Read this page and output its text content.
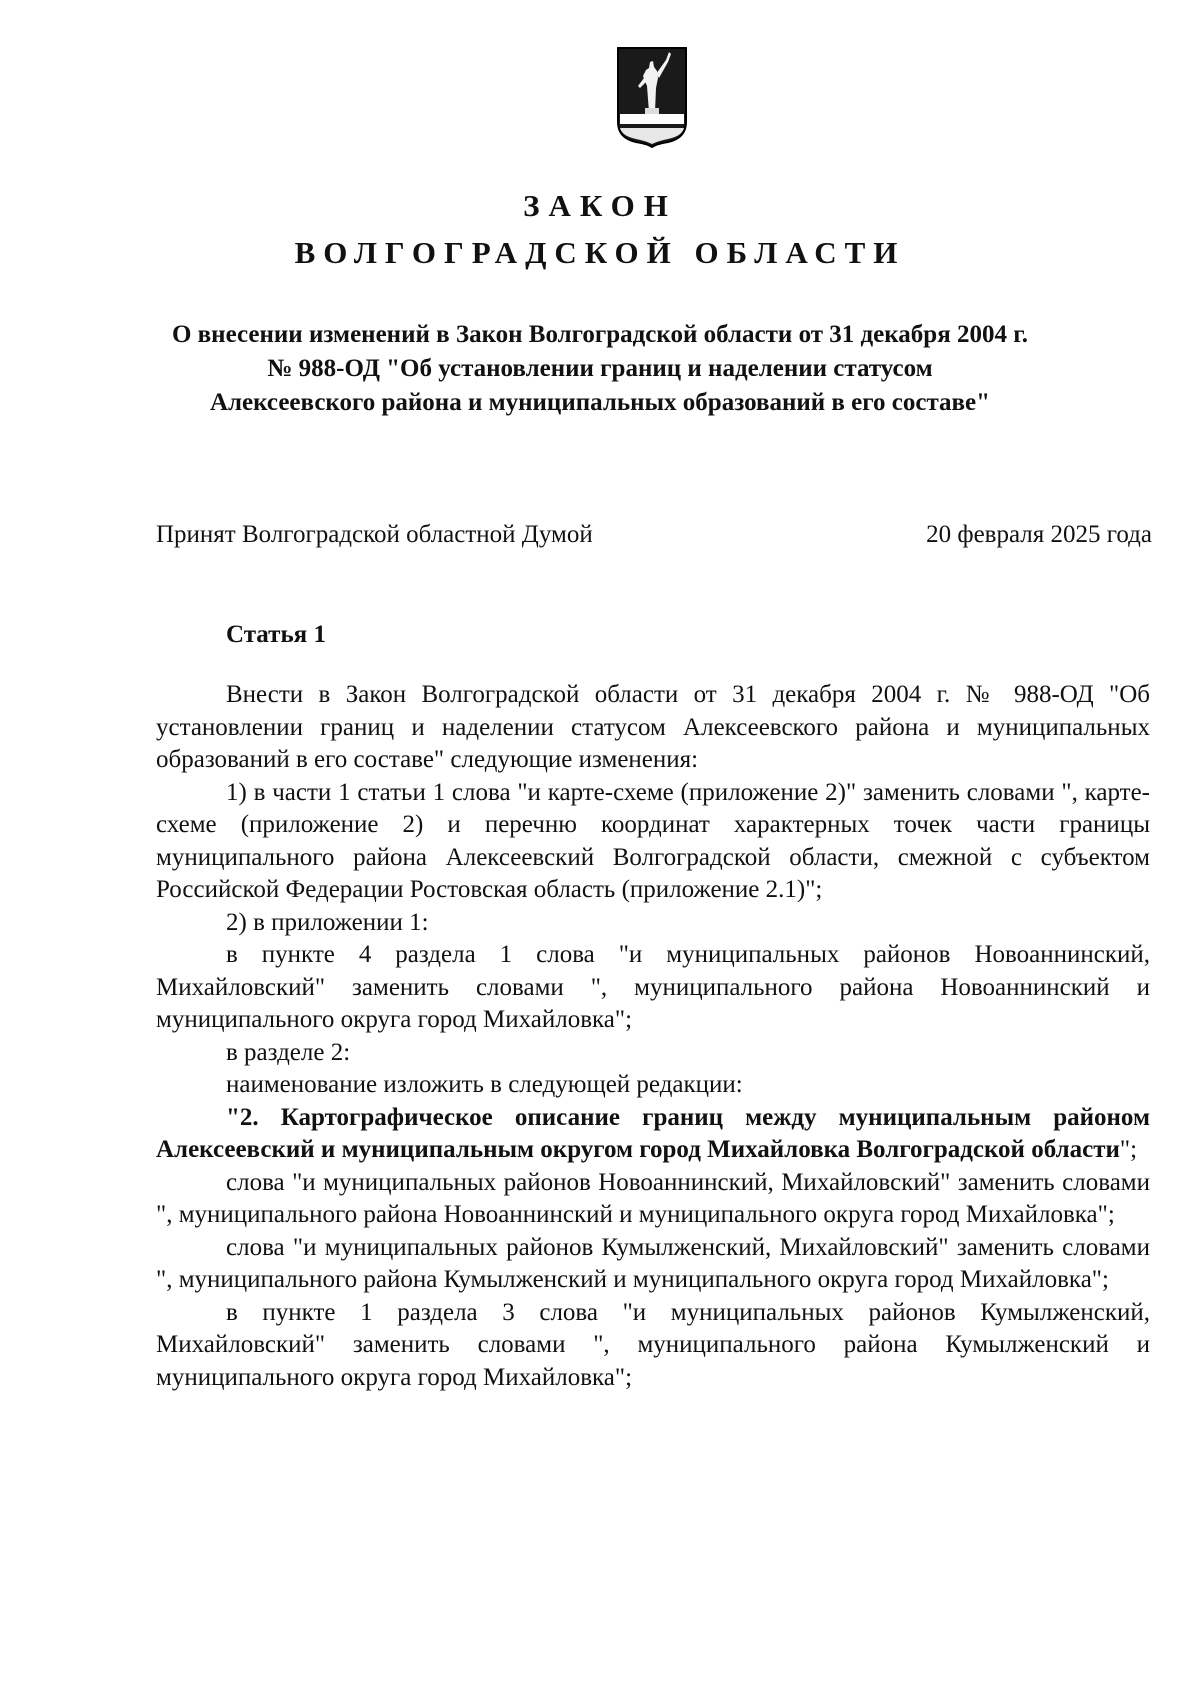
ЗАКОН
ВОЛГОГРАДСКОЙ ОБЛАСТИ
О внесении изменений в Закон Волгоградской области от 31 декабря 2004 г.
№ 988-ОД "Об установлении границ и наделении статусом
Алексеевского района и муниципальных образований в его составе"
Принят Волгоградской областной Думой	20 февраля 2025 года
Статья 1

Внести в Закон Волгоградской области от 31 декабря 2004 г. № 988-ОД "Об установлении границ и наделении статусом Алексеевского района и муниципальных образований в его составе" следующие изменения:

1) в части 1 статьи 1 слова "и карте-схеме (приложение 2)" заменить словами ", карте-схеме (приложение 2) и перечню координат характерных точек части границы муниципального района Алексеевский Волгоградской области, смежной с субъектом Российской Федерации Ростовская область (приложение 2.1)";

2) в приложении 1:

в пункте 4 раздела 1 слова "и муниципальных районов Новоаннинский, Михайловский" заменить словами ", муниципального района Новоаннинский и муниципального округа город Михайловка";

в разделе 2:

наименование изложить в следующей редакции:

"2. Картографическое описание границ между муниципальным районом Алексеевский и муниципальным округом город Михайловка Волгоградской области";

слова "и муниципальных районов Новоаннинский, Михайловский" заменить словами ", муниципального района Новоаннинский и муниципального округа город Михайловка";

слова "и муниципальных районов Кумылженский, Михайловский" заменить словами ", муниципального района Кумылженский и муниципального округа город Михайловка";

в пункте 1 раздела 3 слова "и муниципальных районов Кумылженский, Михайловский" заменить словами ", муниципального района Кумылженский и муниципального округа город Михайловка";
